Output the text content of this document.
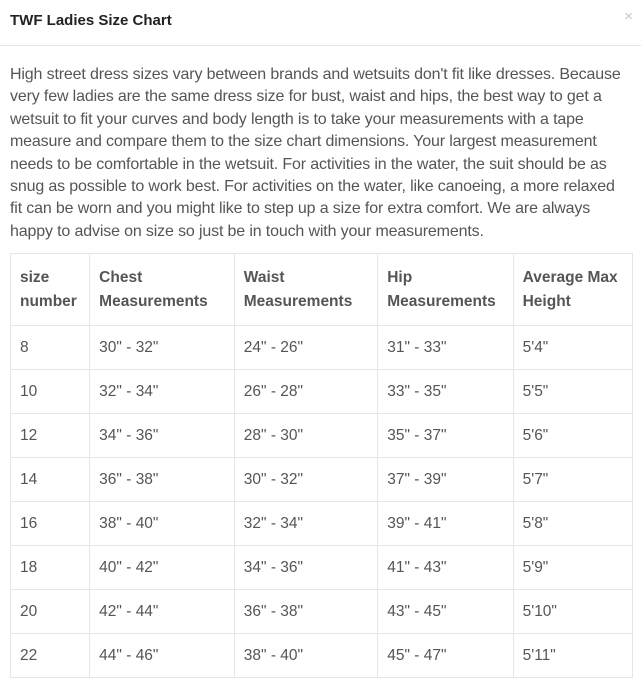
TWF Ladies Size Chart	×

High street dress sizes vary between brands and wetsuits don't fit like dresses. Because very few ladies are the same dress size for bust, waist and hips, the best way to get a wetsuit to fit your curves and body length is to take your measurements with a tape measure and compare them to the size chart dimensions. Your largest measurement needs to be comfortable in the wetsuit. For activities in the water, the suit should be as snug as possible to work best. For activities on the water, like canoeing, a more relaxed fit can be worn and you might like to step up a size for extra comfort. We are always happy to advise on size so just be in touch with your measurements.

size number	Chest Measurements	Waist Measurements	Hip Measurements	Average Max Height
8	30" - 32"	24" - 26"	31" - 33"	5'4"
10	32" - 34"	26" - 28"	33" - 35"	5'5"
12	34" - 36"	28" - 30"	35" - 37"	5'6"
14	36" - 38"	30" - 32"	37" - 39"	5'7"
16	38" - 40"	32" - 34"	39" - 41"	5'8"
18	40" - 42"	34" - 36"	41" - 43"	5'9"
20	42" - 44"	36" - 38"	43" - 45"	5'10"
22	44" - 46"	38" - 40"	45" - 47"	5'11"
